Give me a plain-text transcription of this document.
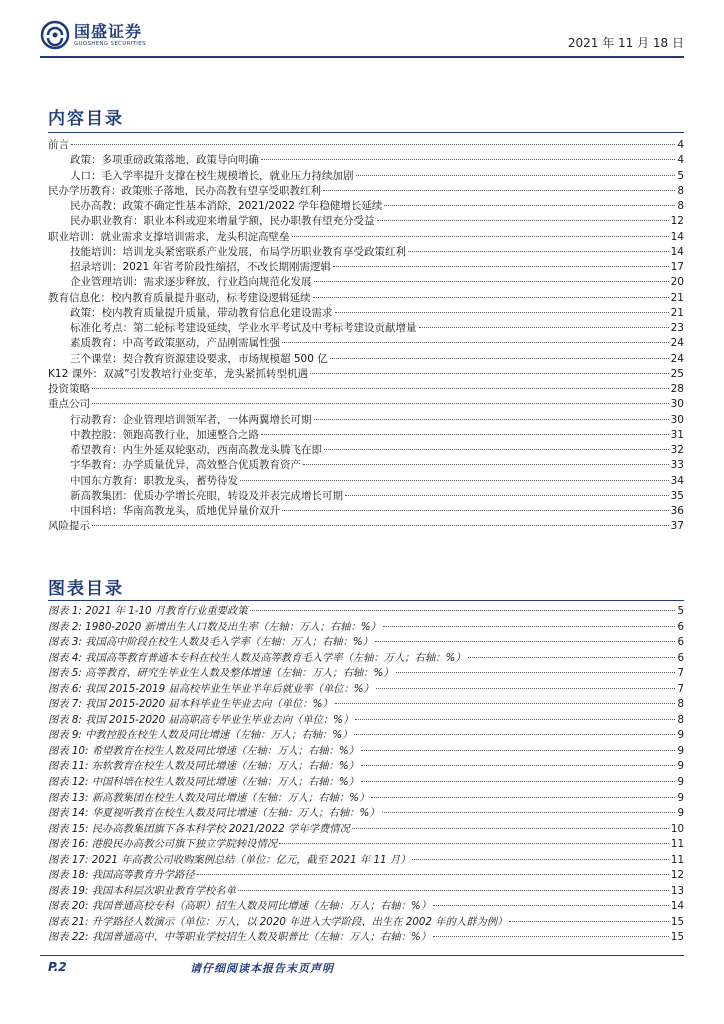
国盛证券
GUOSHENG SECURITIES	2021 年 11 月 18 日
内容目录
前言	4
政策：多项重磅政策落地，政策导向明确	4
人口：毛入学率提升支撑在校生规模增长，就业压力持续加剧	5
民办学历教育：政策账子落地，民办高教有望享受职教红利	8
民办高教：政策不确定性基本消除，2021/2022 学年稳健增长延续	8
民办职业教育：职业本科或迎来增量学额，民办职教有望充分受益	12
职业培训：就业需求支撑培训需求，龙头积淀高壁垒	14
技能培训：培训龙头紧密联系产业发展，布局学历职业教育享受政策红利	14
招录培训：2021 年省考阶段性缩招，不改长期刚需逻辑	17
企业管理培训：需求逐步释放，行业趋向规范化发展	20
教育信息化：校内教育质量提升驱动，标考建设逻辑延续	21
政策：校内教育质量提升质量，带动教育信息化建设需求	21
标准化考点：第二轮标考建设延续，学业水平考试及中考标考建设贡献增量	23
素质教育：中高考政策驱动，产品刚需属性强	24
三个课堂：契合教育资源建设要求，市场规模超 500 亿	24
K12 课外：双减”引发教培行业变革，龙头紧抓转型机遇	25
投资策略	28
重点公司	30
行动教育：企业管理培训领军者，一体两翼增长可期	30
中教控股：领跑高教行业，加速整合之路	31
希望教育：内生外延双轮驱动，西南高教龙头腾飞在即	32
宇华教育：办学质量优异，高效整合优质教育资产	33
中国东方教育：职教龙头，蓄势待发	34
新高教集团：优质办学增长亮眼，转设及并表完成增长可期	35
中国科培：华南高教龙头，质地优异量价双升	36
风险提示	37
图表目录
图表 1: 2021 年 1-10 月教育行业重要政策	5
图表 2: 1980-2020 新增出生人口数及出生率（左轴：万人；右轴：%）	6
图表 3: 我国高中阶段在校生人数及毛入学率（左轴：万人；右轴：%）	6
图表 4: 我国高等教育普通本专科在校生人数及高等教育毛入学率（左轴：万人；右轴：%）	6
图表 5: 高等教育、研究生毕业生人数及整体增速（左轴：万人；右轴：%）	7
图表 6: 我国 2015-2019 届高校毕业生毕业半年后就业率（单位：%）	7
图表 7: 我国 2015-2020 届本科毕业生毕业去向（单位：%）	8
图表 8: 我国 2015-2020 届高职高专毕业生毕业去向（单位：%）	8
图表 9: 中教控股在校生人数及同比增速（左轴：万人；右轴：%）	9
图表 10: 希望教育在校生人数及同比增速（左轴：万人；右轴：%）	9
图表 11: 东软教育在校生人数及同比增速（左轴：万人；右轴：%）	9
图表 12: 中国科培在校生人数及同比增速（左轴：万人；右轴：%）	9
图表 13: 新高教集团在校生人数及同比增速（左轴：万人；右轴：%）	9
图表 14: 华夏视听教育在校生人数及同比增速（左轴：万人；右轴：%）	9
图表 15: 民办高教集团旗下各本科学校 2021/2022 学年学费情况	10
图表 16: 港股民办高教公司旗下独立学院转设情况	11
图表 17: 2021 年高教公司收购案例总结（单位：亿元，截至 2021 年 11 月）	11
图表 18: 我国高等教育升学路径	12
图表 19: 我国本科层次职业教育学校名单	13
图表 20: 我国普通高校专科（高职）招生人数及同比增速（左轴：万人；右轴：%）	14
图表 21: 升学路径人数演示（单位：万人，以 2020 年进入大学阶段、出生在 2002 年的人群为例）	15
图表 22: 我国普通高中、中等职业学校招生人数及职普比（左轴：万人；右轴：%）	15
P.2	请仔细阅读本报告末页声明
